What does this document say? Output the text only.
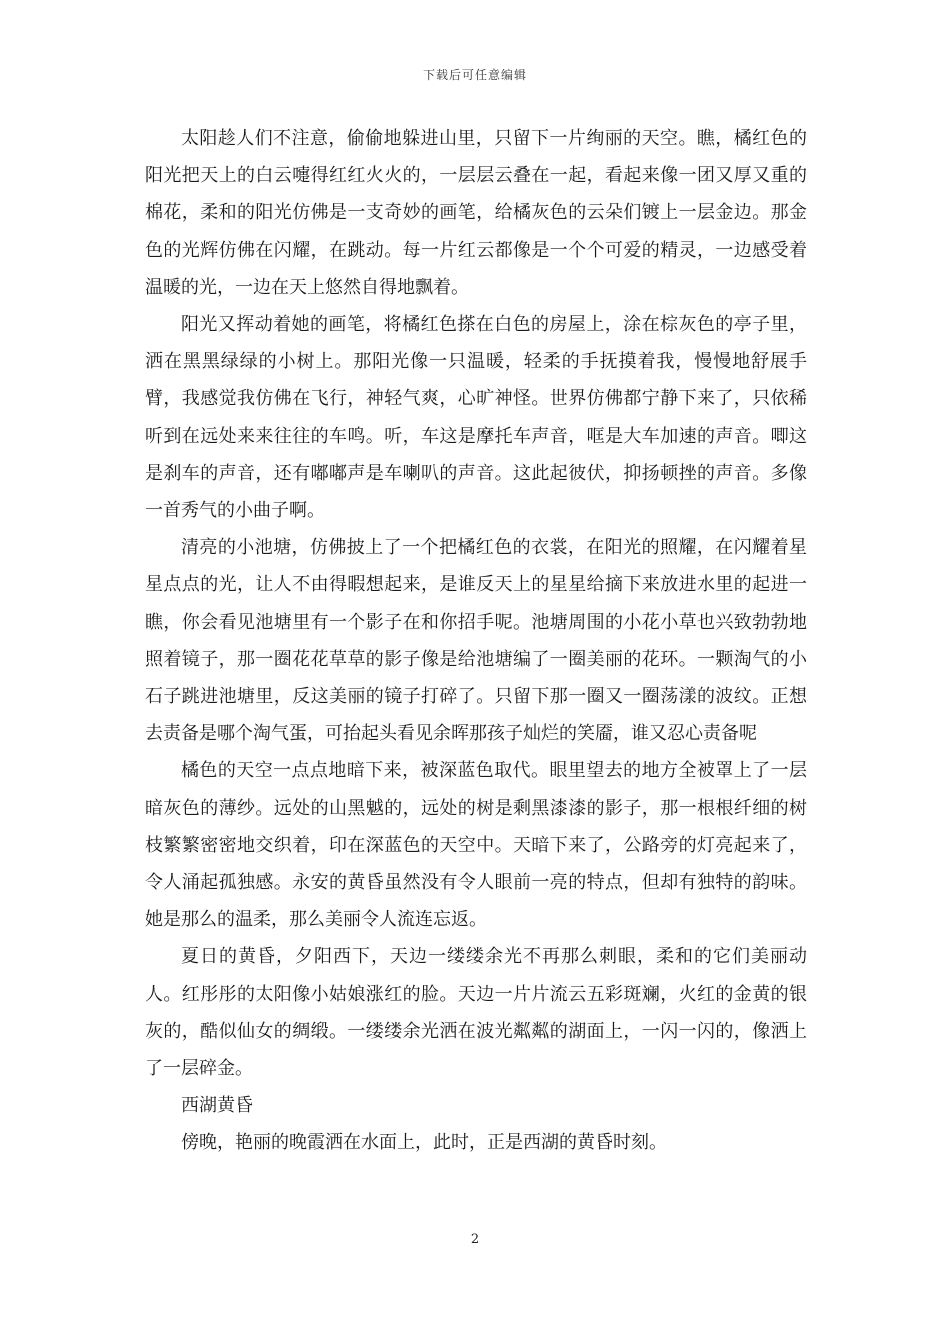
下载后可任意编辑

太阳趁人们不注意，偷偷地躲进山里，只留下一片绚丽的天空。瞧，橘红色的阳光把天上的白云嚏得红红火火的，一层层云叠在一起，看起来像一团又厚又重的棉花，柔和的阳光仿佛是一支奇妙的画笔，给橘灰色的云朵们镀上一层金边。那金色的光辉仿佛在闪耀，在跳动。每一片红云都像是一个个可爱的精灵，一边感受着温暖的光，一边在天上悠然自得地飘着。

阳光又挥动着她的画笔，将橘红色搽在白色的房屋上，涂在棕灰色的亭子里，洒在黑黑绿绿的小树上。那阳光像一只温暖，轻柔的手抚摸着我，慢慢地舒展手臂，我感觉我仿佛在飞行，神轻气爽，心旷神怪。世界仿佛都宁静下来了，只依稀听到在远处来来往往的车鸣。听，车这是摩托车声音，哐是大车加速的声音。唧这是刹车的声音，还有嘟嘟声是车喇叭的声音。这此起彼伏，抑扬顿挫的声音。多像一首秀气的小曲子啊。

清亮的小池塘，仿佛披上了一个把橘红色的衣裳，在阳光的照耀，在闪耀着星星点点的光，让人不由得暇想起来，是谁反天上的星星给摘下来放进水里的起进一瞧，你会看见池塘里有一个影子在和你招手呢。池塘周围的小花小草也兴致勃勃地照着镜子，那一圈花花草草的影子像是给池塘编了一圈美丽的花环。一颗淘气的小石子跳进池塘里，反这美丽的镜子打碎了。只留下那一圈又一圈荡漾的波纹。正想去责备是哪个淘气蛋，可抬起头看见余晖那孩子灿烂的笑靥，谁又忍心责备呢

橘色的天空一点点地暗下来，被深蓝色取代。眼里望去的地方全被罩上了一层暗灰色的薄纱。远处的山黑魆的，远处的树是剩黑漆漆的影子，那一根根纤细的树枝繁繁密密地交织着，印在深蓝色的天空中。天暗下来了，公路旁的灯亮起来了，令人涌起孤独感。永安的黄昏虽然没有令人眼前一亮的特点，但却有独特的韵味。她是那么的温柔，那么美丽令人流连忘返。

夏日的黄昏，夕阳西下，天边一缕缕余光不再那么刺眼，柔和的它们美丽动人。红彤彤的太阳像小姑娘涨红的脸。天边一片片流云五彩斑斓，火红的金黄的银灰的，酷似仙女的绸缎。一缕缕余光洒在波光粼粼的湖面上，一闪一闪的，像洒上了一层碎金。

西湖黄昏

傍晚，艳丽的晚霞洒在水面上，此时，正是西湖的黄昏时刻。

2
